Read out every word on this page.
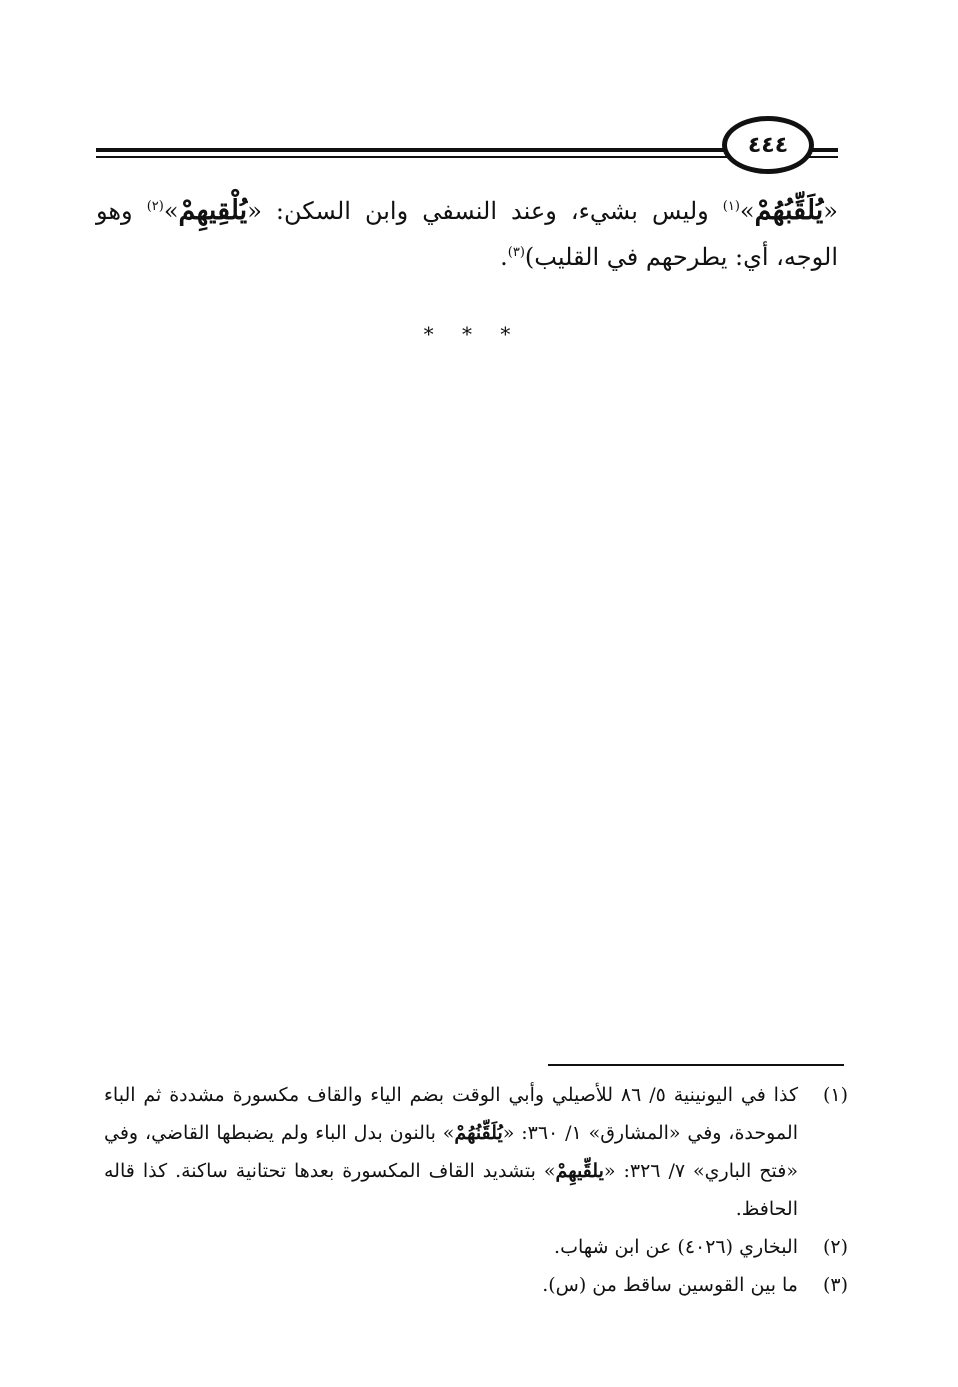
٤٤٤

«يُلَقِّبُهُمْ»$^{(١)}$ وليس بشيء، وعند النسفي وابن السكن: «يُلْقِيهِمْ»$^{(٢)}$ وهو الوجه، أي: يطرحهم في القليب)$^{(٣)}$.

* * *
(١)
كذا في اليونينية ٥/ ٨٦ للأصيلي وأبي الوقت بضم الياء والقاف مكسورة مشددة ثم الباء الموحدة، وفي «المشارق» ١/ ٣٦٠: «يُلَقِّنُهُمْ» بالنون بدل الباء ولم يضبطها القاضي، وفي «فتح الباري» ٧/ ٣٢٦: «يلقِّيهِمْ» بتشديد القاف المكسورة بعدها تحتانية ساكنة. كذا قاله الحافظ.
(٢)
البخاري (٤٠٢٦) عن ابن شهاب.
(٣)
ما بين القوسين ساقط من (س).
